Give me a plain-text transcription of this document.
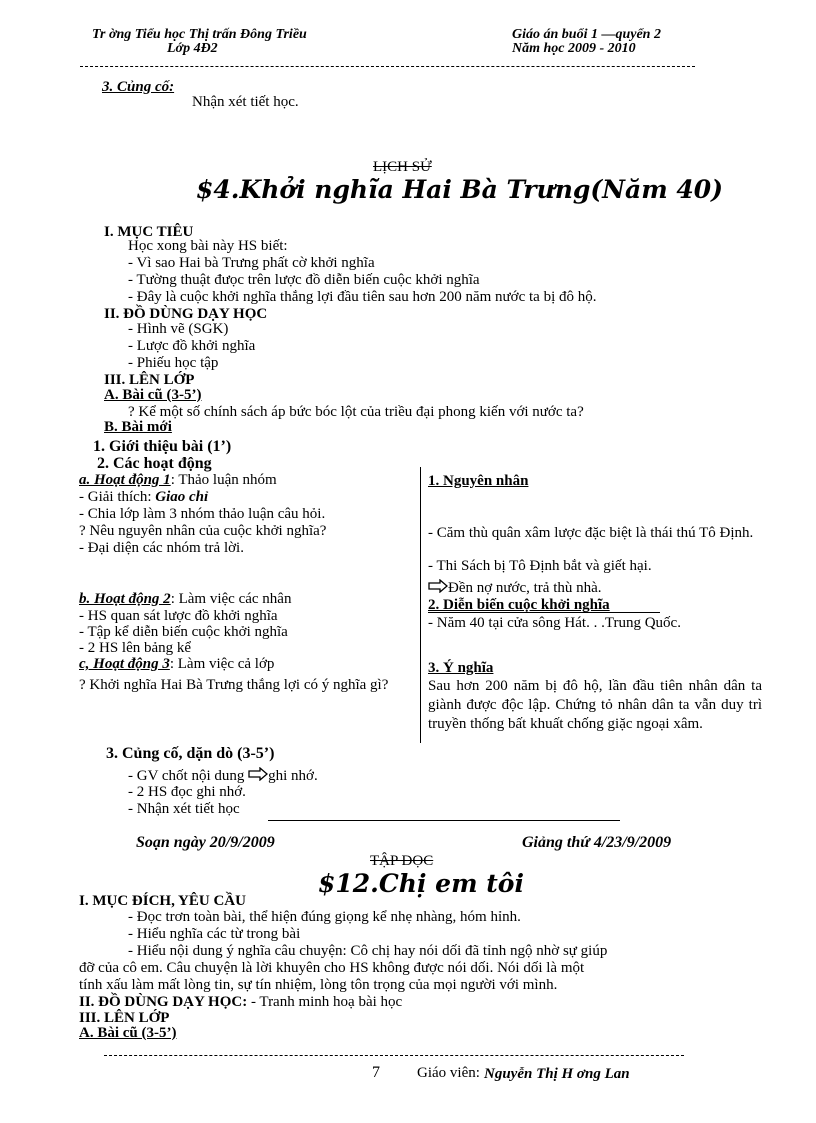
Tr ờng Tiểu học Thị trấn Đông Triều
Lớp 4Đ2
Giáo án buổi 1 —quyển 2
Năm học 2009 - 2010
3. Củng cố:
Nhận xét tiết học.
LỊCH SỬ
$4.Khởi nghĩa Hai Bà Trưng(Năm 40)
I. MỤC TIÊU
Học xong bài này HS biết:
- Vì sao Hai bà Trưng phất cờ khởi nghĩa
- Tường thuật đưọc trên lược đồ diễn biến cuộc khởi nghĩa
- Đây là cuộc khởi nghĩa thắng lợi đầu tiên sau hơn 200 năm nước ta bị đô hộ.
II. ĐỒ DÙNG DẠY HỌC
- Hình vẽ (SGK)
- Lược đồ khởi nghĩa
- Phiếu học tập
III. LÊN LỚP
A. Bài cũ (3-5’)
? Kể một số chính sách áp bức bóc lột của triều đại phong kiến với nước ta?
B. Bài mới
1. Giới thiệu bài (1’)
2. Các hoạt động
a. Hoạt động 1: Thảo luận nhóm
- Giải thích: Giao chỉ
- Chia lớp làm 3 nhóm thảo luận câu hỏi.
? Nêu nguyên nhân của cuộc khởi nghĩa?
- Đại diện các nhóm trả lời.
b. Hoạt động 2: Làm việc các nhân
- HS quan sát lược đồ khởi nghĩa
- Tập kể diễn biến cuộc khởi nghĩa
- 2 HS lên bảng kể
c, Hoạt động 3: Làm việc cả lớp
? Khởi nghĩa Hai Bà Trưng thắng lợi có ý nghĩa gì?
1. Nguyên nhân
- Căm thù quân xâm lược đặc biệt là thái thú Tô Định.
- Thi Sách bị Tô Định bắt và giết hại.
Đền nợ nước, trả thù nhà.
2. Diễn biến cuộc khởi nghĩa
- Năm 40 tại cửa sông Hát. . .Trung Quốc.
3. Ý nghĩa
Sau hơn 200 năm bị đô hộ, lần đầu tiên nhân dân ta giành được độc lập. Chứng tỏ nhân dân ta vẫn duy trì truyền thống bất khuất chống giặc ngoại xâm.
3. Củng cố, dặn dò (3-5’)
- GV chốt nội dung ghi nhớ.
- 2 HS đọc ghi nhớ.
- Nhận xét tiết học
Soạn ngày 20/9/2009	Giảng thứ 4/23/9/2009
TẬP ĐỌC
$12.Chị em tôi
I. MỤC ĐÍCH, YÊU CẦU
- Đọc trơn toàn bài, thể hiện đúng giọng kể nhẹ nhàng, hóm hỉnh.
- Hiểu nghĩa các từ trong bài
- Hiểu nội dung ý nghĩa câu chuyện: Cô chị hay nói dối đã tỉnh ngộ nhờ sự giúp
đỡ của cô em. Câu chuyện là lời khuyên cho HS không được nói dối. Nói dối là một
tính xấu làm mất lòng tin, sự tín nhiệm, lòng tôn trọng của mọi người với mình.
II. ĐỒ DÙNG DẠY HỌC: - Tranh minh hoạ bài học
III. LÊN LỚP
A. Bài cũ (3-5’)
7 Giáo viên: Nguyễn Thị H ơng Lan
